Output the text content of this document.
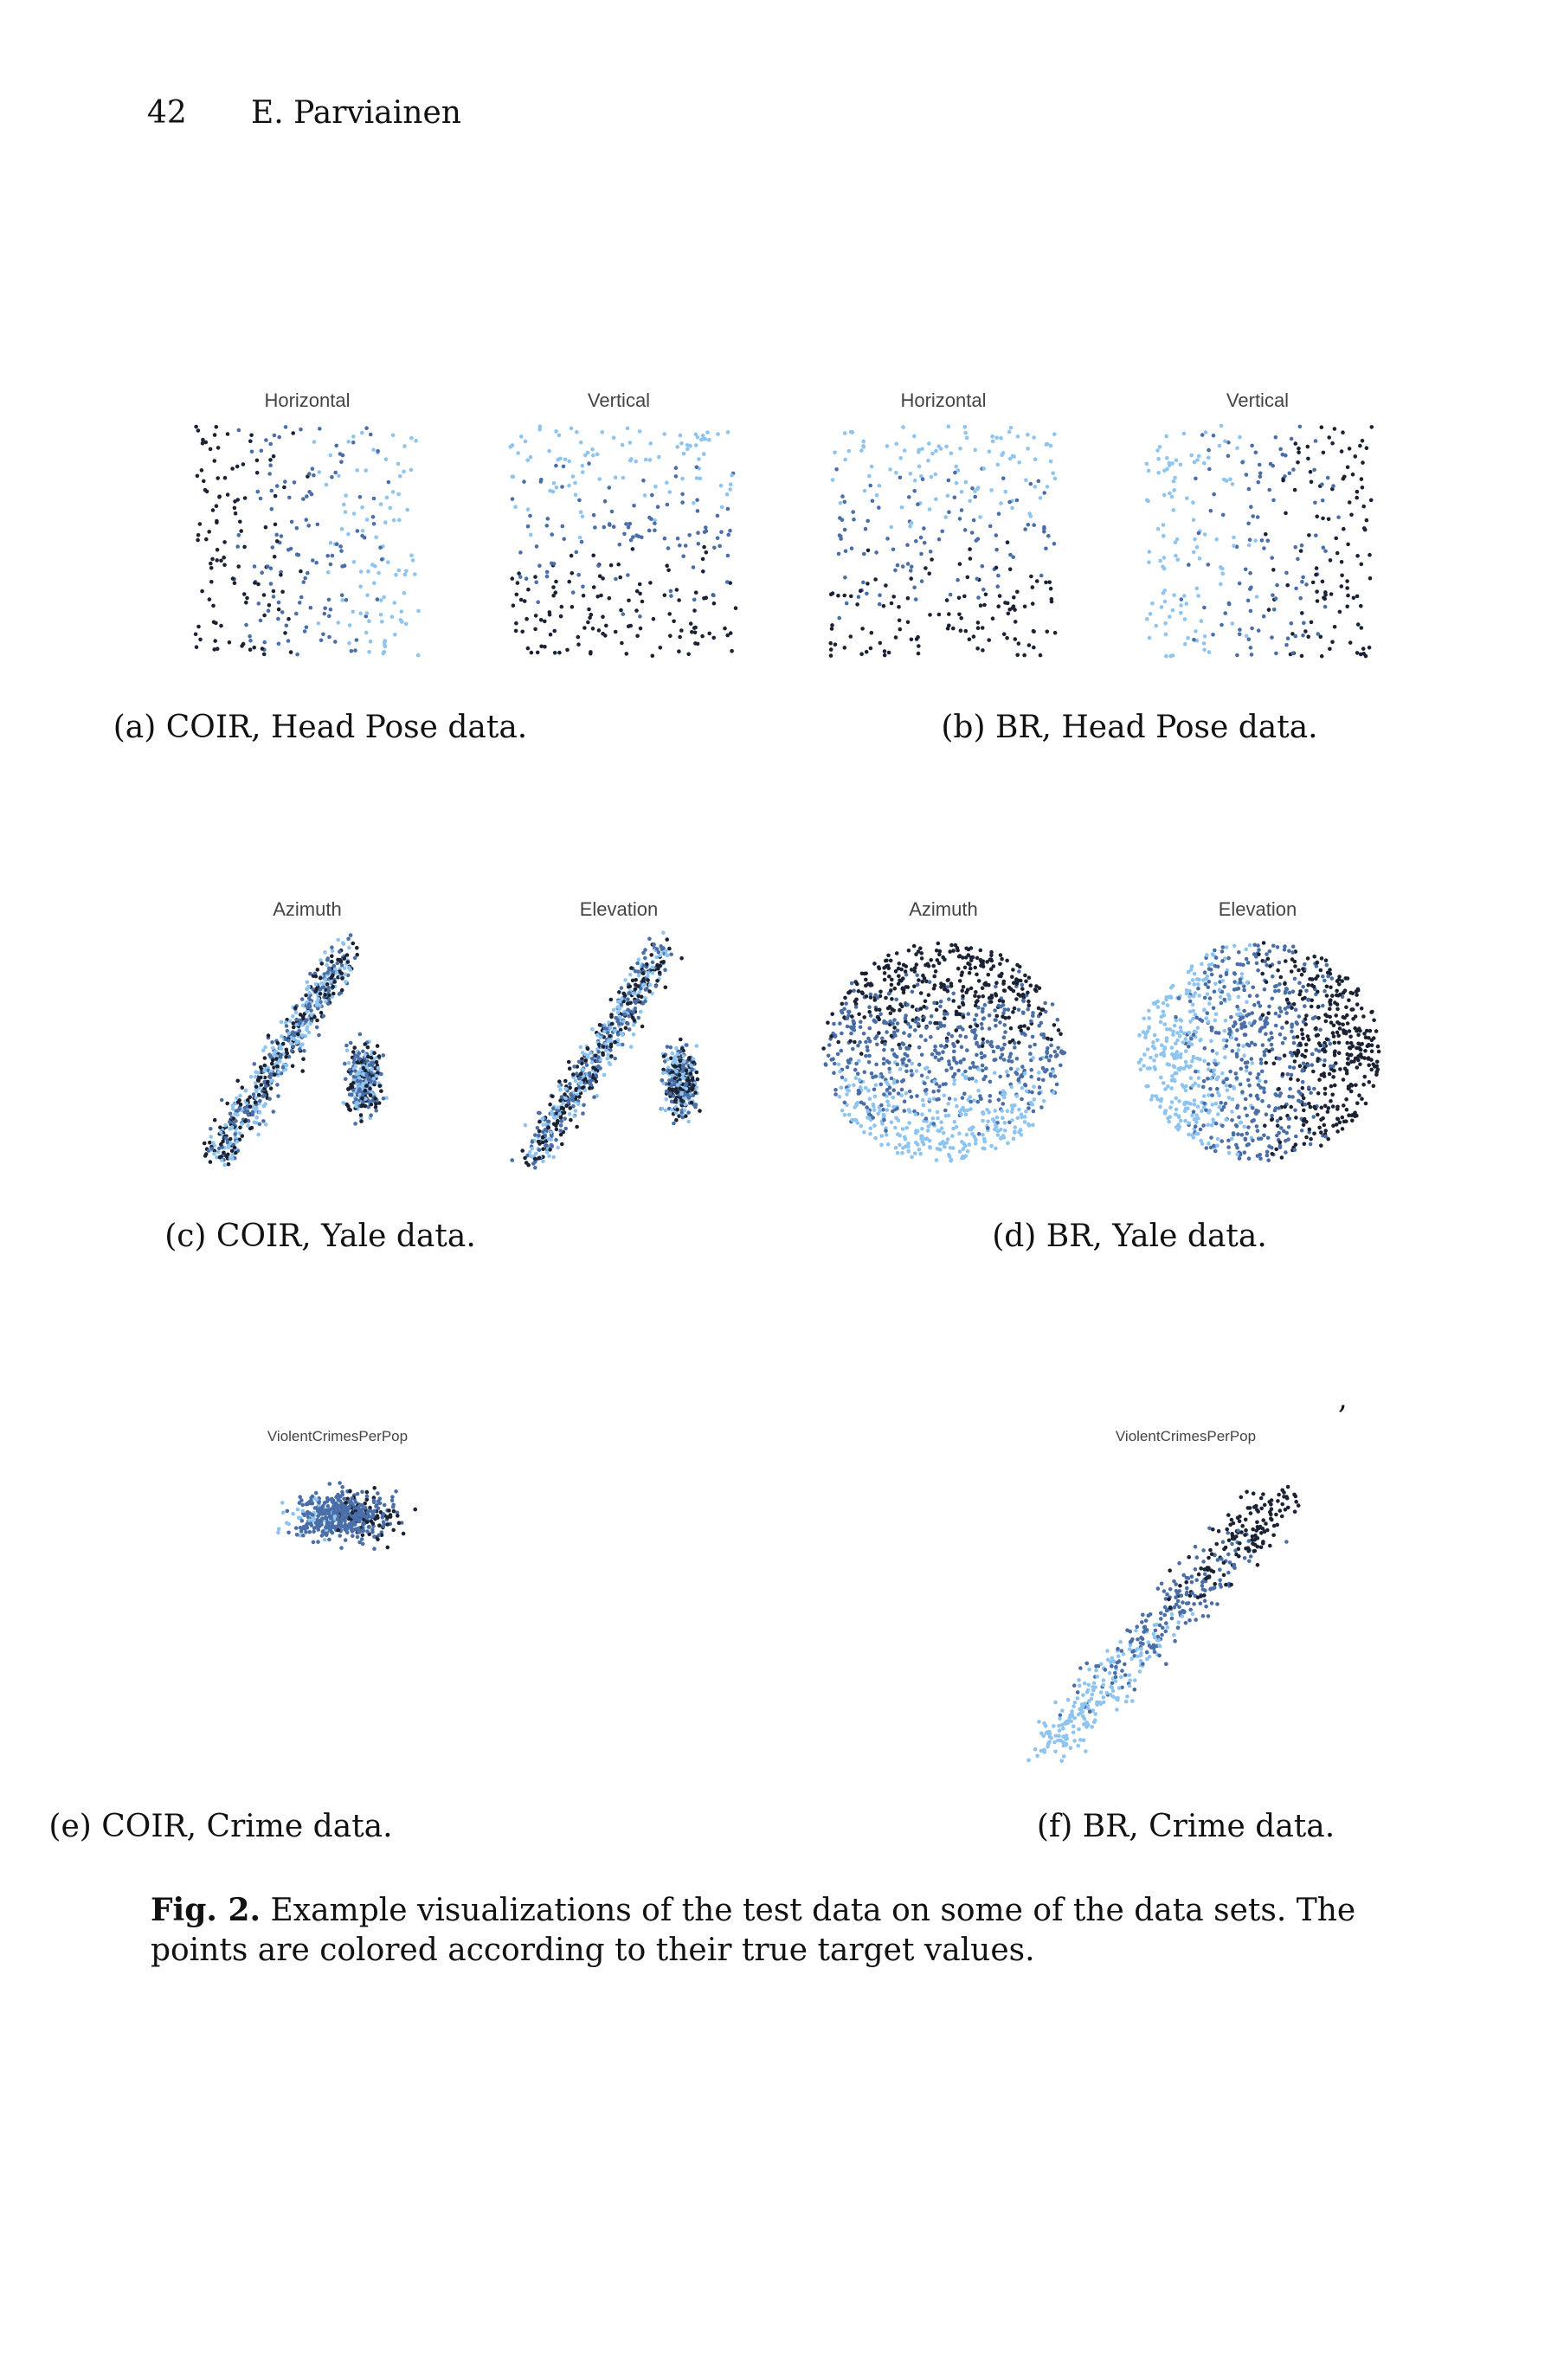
42 E. Parviainen
Horizontal	Vertical	Horizontal	Vertical
(a) COIR, Head Pose data.	(b) BR, Head Pose data.
Azimuth	Elevation	Azimuth	Elevation
(c) COIR, Yale data.	(d) BR, Yale data.
ViolentCrimesPerPop	ViolentCrimesPerPop
,
(e) COIR, Crime data.	(f) BR, Crime data.
Fig. 2. Example visualizations of the test data on some of the data sets. The points are colored according to their true target values.
